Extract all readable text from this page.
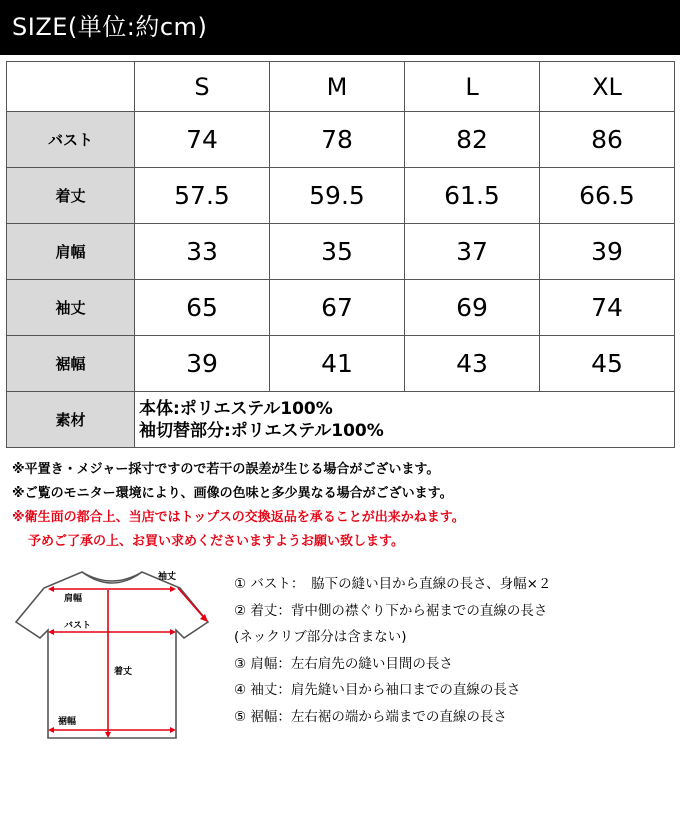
SIZE(単位:約cm)
	S	M	L	XL
バスト	74	78	82	86
着丈	57.5	59.5	61.5	66.5
肩幅	33	35	37	39
袖丈	65	67	69	74
裾幅	39	41	43	45
素材	本体:ポリエステル100%
袖切替部分:ポリエステル100%			
※平置き・メジャー採寸ですので若干の誤差が生じる場合がございます。
※ご覧のモニター環境により、画像の色味と多少異なる場合がございます。
※衛生面の都合上、当店ではトップスの交換返品を承ることが出来かねます。
予めご了承の上、お買い求めくださいますようお願い致します。
肩幅
袖丈
バスト
着丈
裾幅
① バスト：　脇下の縫い目から直線の長さ、身幅×２
② 着丈：背中側の襟ぐり下から裾までの直線の長さ
(ネックリブ部分は含まない)
③ 肩幅：左右肩先の縫い目間の長さ
④ 袖丈：肩先縫い目から袖口までの直線の長さ
⑤ 裾幅：左右裾の端から端までの直線の長さ
